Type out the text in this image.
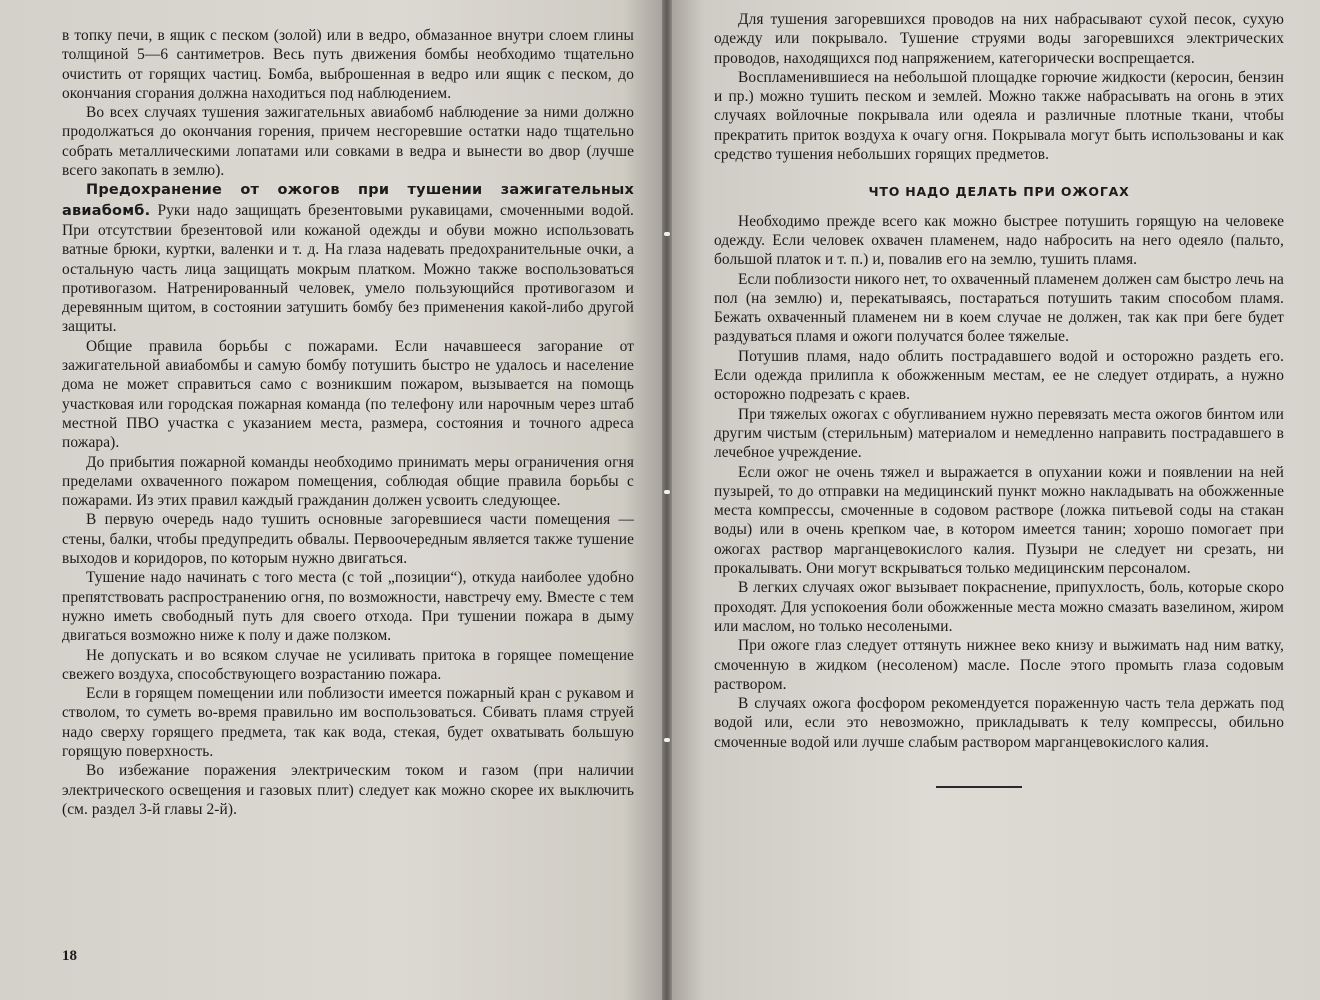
в топку печи, в ящик с песком (золой) или в ведро, обмазанное внутри слоем глины толщиной 5—6 сантиметров. Весь путь движения бомбы необходимо тщательно очистить от горящих частиц. Бомба, выброшенная в ведро или ящик с песком, до окончания сгорания должна находиться под наблюдением.

Во всех случаях тушения зажигательных авиабомб наблюдение за ними должно продолжаться до окончания горения, причем несгоревшие остатки надо тщательно собрать металлическими лопатами или совками в ведра и вынести во двор (лучше всего закопать в землю).

Предохранение от ожогов при тушении зажигательных авиабомб. Руки надо защищать брезентовыми рукавицами, смоченными водой. При отсутствии брезентовой или кожаной одежды и обуви можно использовать ватные брюки, куртки, валенки и т. д. На глаза надевать предохранительные очки, а остальную часть лица защищать мокрым платком. Можно также воспользоваться противогазом. Натренированный человек, умело пользующийся противогазом и деревянным щитом, в состоянии затушить бомбу без применения какой-либо другой защиты.

Общие правила борьбы с пожарами. Если начавшееся загорание от зажигательной авиабомбы и самую бомбу потушить быстро не удалось и население дома не может справиться само с возникшим пожаром, вызывается на помощь участковая или городская пожарная команда (по телефону или нарочным через штаб местной ПВО участка с указанием места, размера, состояния и точного адреса пожара).

До прибытия пожарной команды необходимо принимать меры ограничения огня пределами охваченного пожаром помещения, соблюдая общие правила борьбы с пожарами. Из этих правил каждый гражданин должен усвоить следующее.

В первую очередь надо тушить основные загоревшиеся части помещения — стены, балки, чтобы предупредить обвалы. Первоочередным является также тушение выходов и коридоров, по которым нужно двигаться.

Тушение надо начинать с того места (с той „позиции“), откуда наиболее удобно препятствовать распространению огня, по возможности, навстречу ему. Вместе с тем нужно иметь свободный путь для своего отхода. При тушении пожара в дыму двигаться возможно ниже к полу и даже ползком.

Не допускать и во всяком случае не усиливать притока в горящее помещение свежего воздуха, способствующего возрастанию пожара.

Если в горящем помещении или поблизости имеется пожарный кран с рукавом и стволом, то суметь во-время правильно им воспользоваться. Сбивать пламя струей надо сверху горящего предмета, так как вода, стекая, будет охватывать большую горящую поверхность.

Во избежание поражения электрическим током и газом (при наличии электрического освещения и газовых плит) следует как можно скорее их выключить (см. раздел 3-й главы 2-й).

18

Для тушения загоревшихся проводов на них набрасывают сухой песок, сухую одежду или покрывало. Тушение струями воды загоревшихся электрических проводов, находящихся под напряжением, категорически воспрещается.

Воспламенившиеся на небольшой площадке горючие жидкости (керосин, бензин и пр.) можно тушить песком и землей. Можно также набрасывать на огонь в этих случаях войлочные покрывала или одеяла и различные плотные ткани, чтобы прекратить приток воздуха к очагу огня. Покрывала могут быть использованы и как средство тушения небольших горящих предметов.

ЧТО НАДО ДЕЛАТЬ ПРИ ОЖОГАХ

Необходимо прежде всего как можно быстрее потушить горящую на человеке одежду. Если человек охвачен пламенем, надо набросить на него одеяло (пальто, большой платок и т. п.) и, повалив его на землю, тушить пламя.

Если поблизости никого нет, то охваченный пламенем должен сам быстро лечь на пол (на землю) и, перекатываясь, постараться потушить таким способом пламя. Бежать охваченный пламенем ни в коем случае не должен, так как при беге будет раздуваться пламя и ожоги получатся более тяжелые.

Потушив пламя, надо облить пострадавшего водой и осторожно раздеть его. Если одежда прилипла к обожженным местам, ее не следует отдирать, а нужно осторожно подрезать с краев.

При тяжелых ожогах с обугливанием нужно перевязать места ожогов бинтом или другим чистым (стерильным) материалом и немедленно направить пострадавшего в лечебное учреждение.

Если ожог не очень тяжел и выражается в опухании кожи и появлении на ней пузырей, то до отправки на медицинский пункт можно накладывать на обожженные места компрессы, смоченные в содовом растворе (ложка питьевой соды на стакан воды) или в очень крепком чае, в котором имеется танин; хорошо помогает при ожогах раствор марганцевокислого калия. Пузыри не следует ни срезать, ни прокалывать. Они могут вскрываться только медицинским персоналом.

В легких случаях ожог вызывает покраснение, припухлость, боль, которые скоро проходят. Для успокоения боли обожженные места можно смазать вазелином, жиром или маслом, но только несолеными.

При ожоге глаз следует оттянуть нижнее веко книзу и выжимать над ним ватку, смоченную в жидком (несоленом) масле. После этого промыть глаза содовым раствором.

В случаях ожога фосфором рекомендуется пораженную часть тела держать под водой или, если это невозможно, прикладывать к телу компрессы, обильно смоченные водой или лучше слабым раствором марганцевокислого калия.
